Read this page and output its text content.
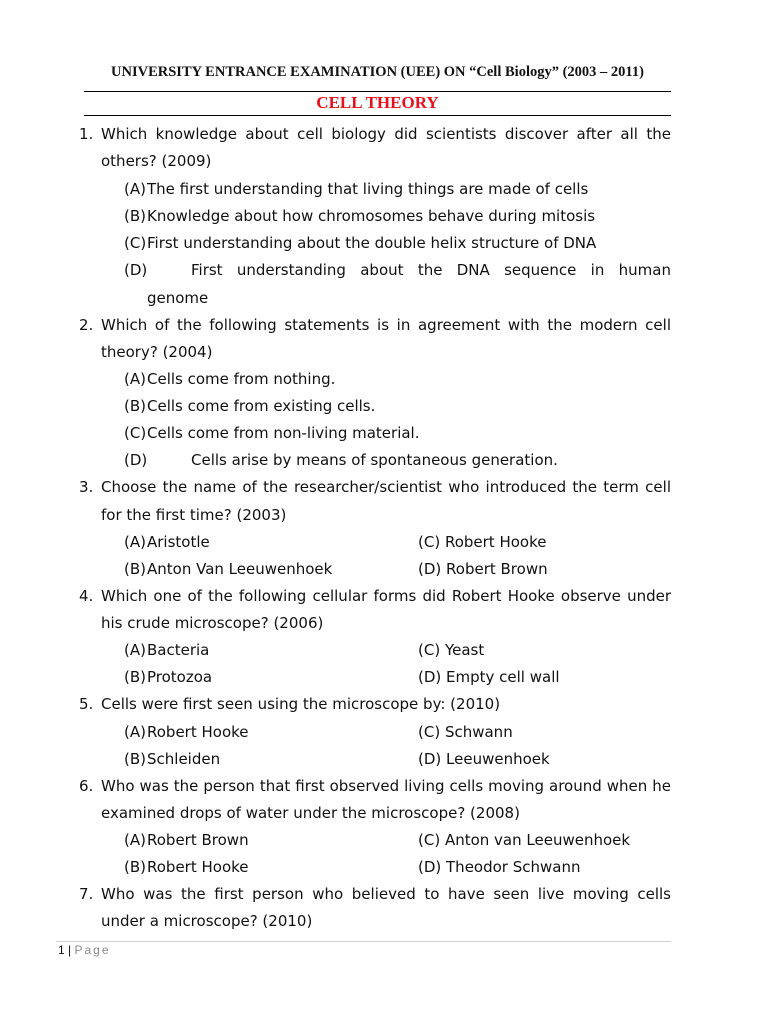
UNIVERSITY ENTRANCE EXAMINATION (UEE) ON “Cell Biology” (2003 – 2011)
CELL THEORY
1. Which knowledge about cell biology did scientists discover after all the
others? (2009)
(A) The first understanding that living things are made of cells
(B) Knowledge about how chromosomes behave during mitosis
(C) First understanding about the double helix structure of DNA
(D)	First understanding about the DNA sequence in human
genome
2. Which of the following statements is in agreement with the modern cell
theory? (2004)
(A) Cells come from nothing.
(B) Cells come from existing cells.
(C) Cells come from non-living material.
(D)	Cells arise by means of spontaneous generation.
3. Choose the name of the researcher/scientist who introduced the term cell
for the first time? (2003)
(A) Aristotle	(C) Robert Hooke
(B) Anton Van Leeuwenhoek	(D) Robert Brown
4. Which one of the following cellular forms did Robert Hooke observe under
his crude microscope? (2006)
(A) Bacteria	(C) Yeast
(B) Protozoa	(D) Empty cell wall
5. Cells were first seen using the microscope by: (2010)
(A) Robert Hooke	(C) Schwann
(B) Schleiden	(D) Leeuwenhoek
6. Who was the person that first observed living cells moving around when he
examined drops of water under the microscope? (2008)
(A) Robert Brown	(C) Anton van Leeuwenhoek
(B) Robert Hooke	(D) Theodor Schwann
7. Who was the first person who believed to have seen live moving cells
under a microscope? (2010)
1 | Page
